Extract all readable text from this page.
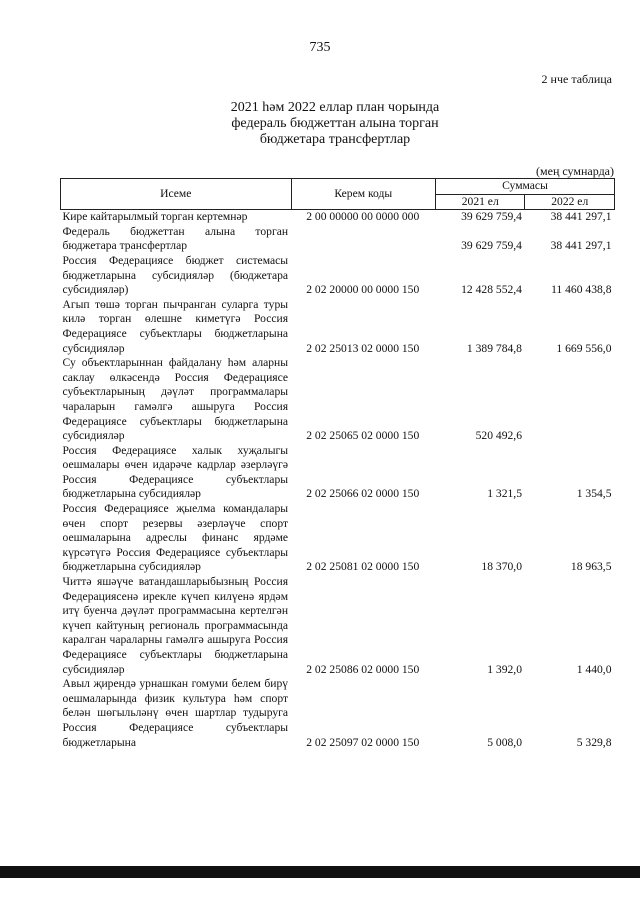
735
2 нче таблица
2021 һәм 2022 еллар план чорында
федераль бюджеттан алына торган
бюджетара трансфертлар
(мең сумнарда)
Исеме	Керем коды	Суммасы	
		2021 ел	2022 ел
Кире кайтарылмый торган кертемнәр	2 00 00000 00 0000 000	39 629 759,4	38 441 297,1
Федераль бюджеттан алына торган бюджетара трансфертлар		39 629 759,4	38 441 297,1
Россия Федерациясе бюджет системасы бюджетларына субсидияләр (бюджетара субсидияләр)	2 02 20000 00 0000 150	12 428 552,4	11 460 438,8
Агып төшә торган пычранган суларга туры килә торган өлешне киметүгә Россия Федерациясе субъектлары бюджетларына субсидияләр	2 02 25013 02 0000 150	1 389 784,8	1 669 556,0
Су объектларыннан файдалану һәм аларны саклау өлкәсендә Россия Федерациясе субъектларының дәүләт программалары чараларын гамәлгә ашыруга Россия Федерациясе субъектлары бюджетларына субсидияләр	2 02 25065 02 0000 150	520 492,6	
Россия Федерациясе халык хуҗалыгы оешмалары өчен идарәче кадрлар әзерләүгә Россия Федерациясе субъектлары бюджетларына субсидияләр	2 02 25066 02 0000 150	1 321,5	1 354,5
Россия Федерациясе җыелма командалары өчен спорт резервы әзерләүче спорт оешмаларына адреслы финанс ярдәме күрсәтүгә Россия Федерациясе субъектлары бюджетларына субсидияләр	2 02 25081 02 0000 150	18 370,0	18 963,5
Читтә яшәүче ватандашларыбызның Россия Федерациясенә ирекле күчеп килүенә ярдәм итү буенча дәүләт программасына кертелгән күчеп кайтуның региональ программасында каралган чараларны гамәлгә ашыруга Россия Федерациясе субъектлары бюджетларына субсидияләр	2 02 25086 02 0000 150	1 392,0	1 440,0
Авыл җирендә урнашкан гомуми белем бирү оешмаларында физик культура һәм спорт белән шөгыльләнү өчен шартлар тудыруга Россия Федерациясе субъектлары бюджетларына	2 02 25097 02 0000 150	5 008,0	5 329,8
